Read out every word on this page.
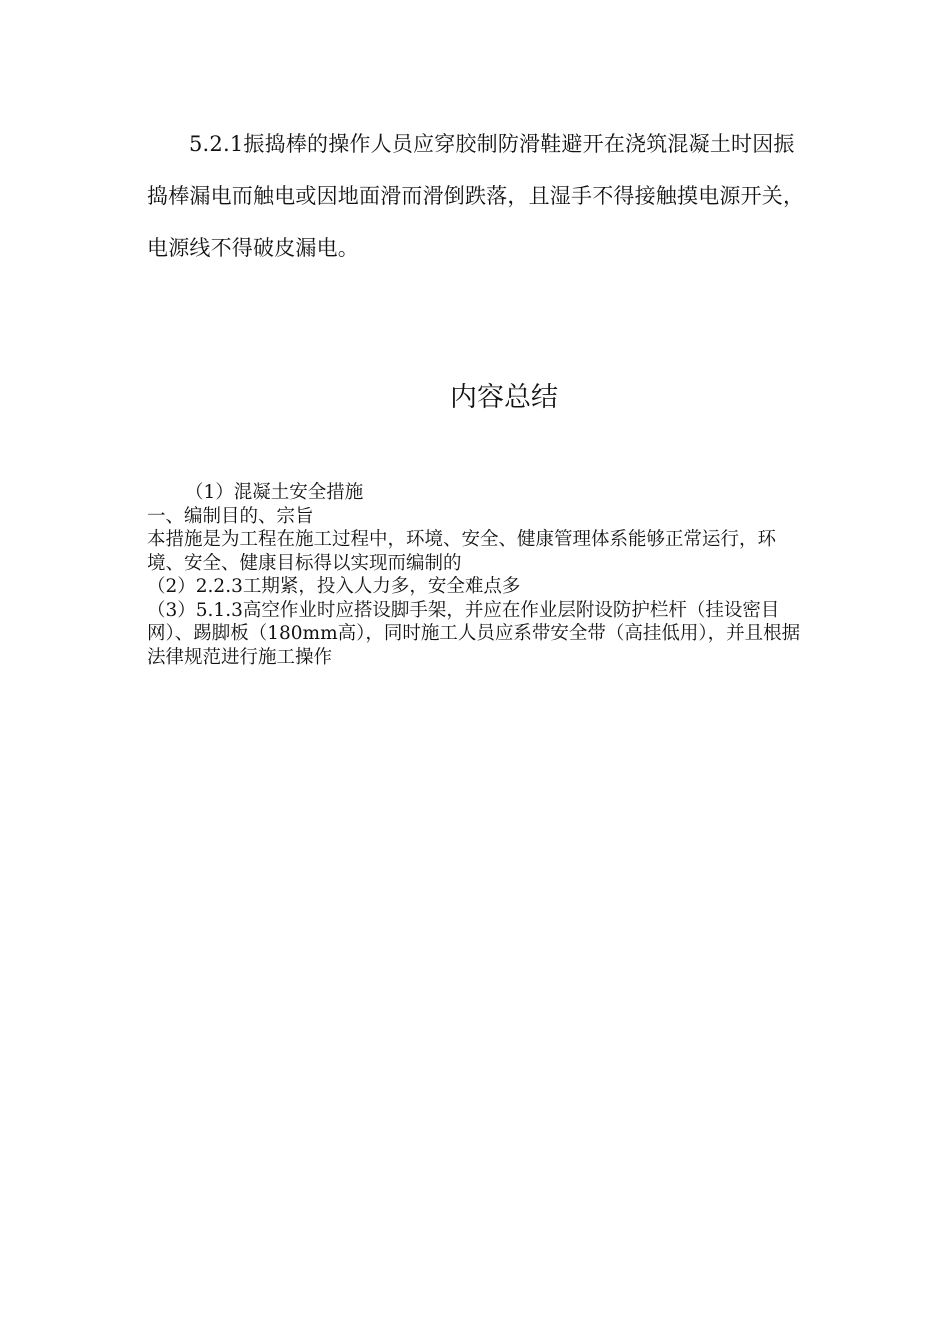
5.2.1振捣棒的操作人员应穿胶制防滑鞋避开在浇筑混凝土时因振捣棒漏电而触电或因地面滑而滑倒跌落，且湿手不得接触摸电源开关，电源线不得破皮漏电。

内容总结
（1）混凝土安全措施
一、编制目的、宗旨
本措施是为工程在施工过程中，环境、安全、健康管理体系能够正常运行，环境、安全、健康目标得以实现而编制的
（2）2.2.3工期紧，投入人力多，安全难点多
（3）5.1.3高空作业时应搭设脚手架，并应在作业层附设防护栏杆（挂设密目网）、踢脚板（180mm高），同时施工人员应系带安全带（高挂低用），并且根据法律规范进行施工操作
